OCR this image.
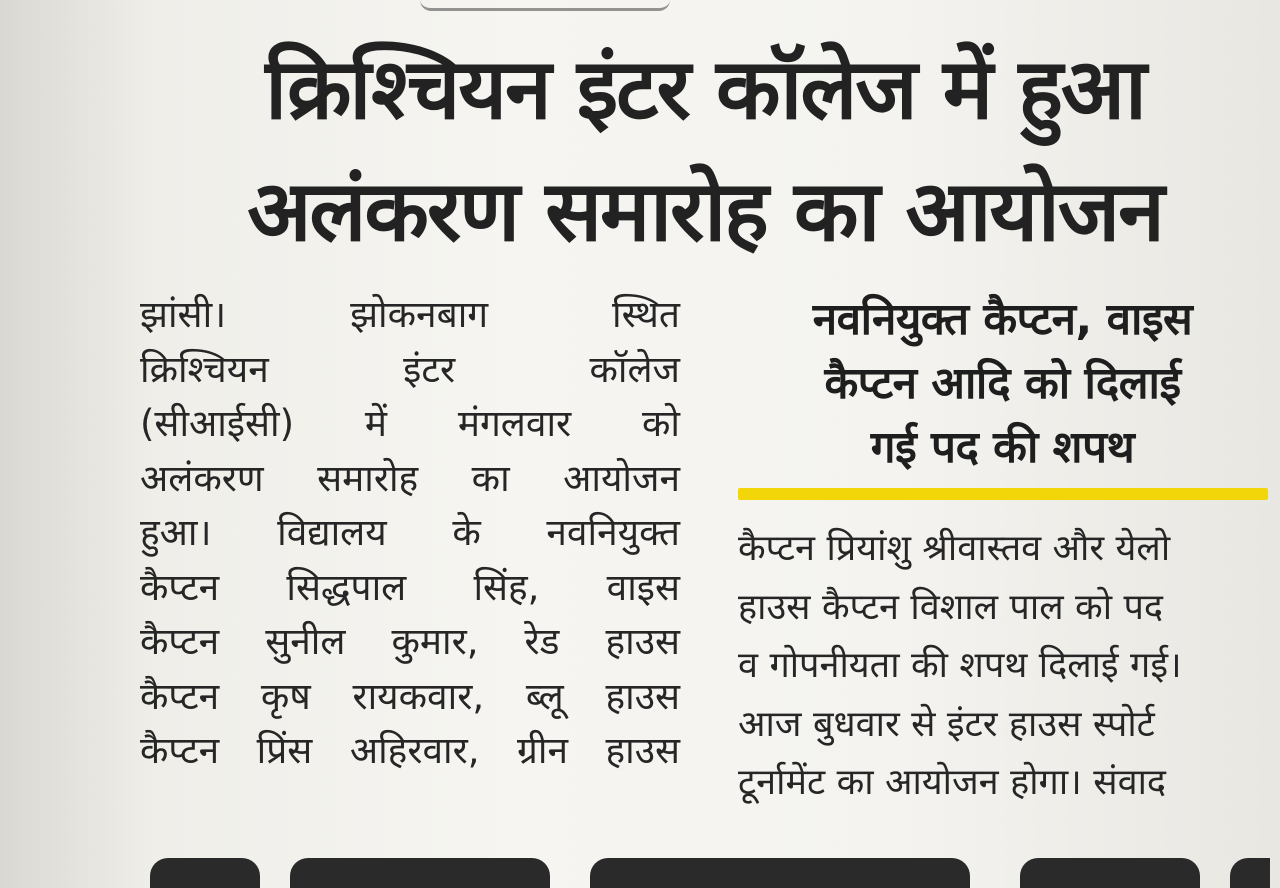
क्रिश्चियन इंटर कॉलेज में हुआ
अलंकरण समारोह का आयोजन

झांसी। झोकनबाग स्थित

क्रिश्चियन इंटर कॉलेज

(सीआईसी) में मंगलवार को

अलंकरण समारोह का आयोजन

हुआ। विद्यालय के नवनियुक्त

कैप्टन सिद्धपाल सिंह, वाइस

कैप्टन सुनील कुमार, रेड हाउस

कैप्टन कृष रायकवार, ब्लू हाउस

कैप्टन प्रिंस अहिरवार, ग्रीन हाउस

नवनियुक्त कैप्टन, वाइस
कैप्टन आदि को दिलाई
गई पद की शपथ
कैप्टन प्रियांशु श्रीवास्तव और येलो
हाउस कैप्टन विशाल पाल को पद
व गोपनीयता की शपथ दिलाई गई।
आज बुधवार से इंटर हाउस स्पोर्ट
टूर्नामेंट का आयोजन होगा। संवाद
